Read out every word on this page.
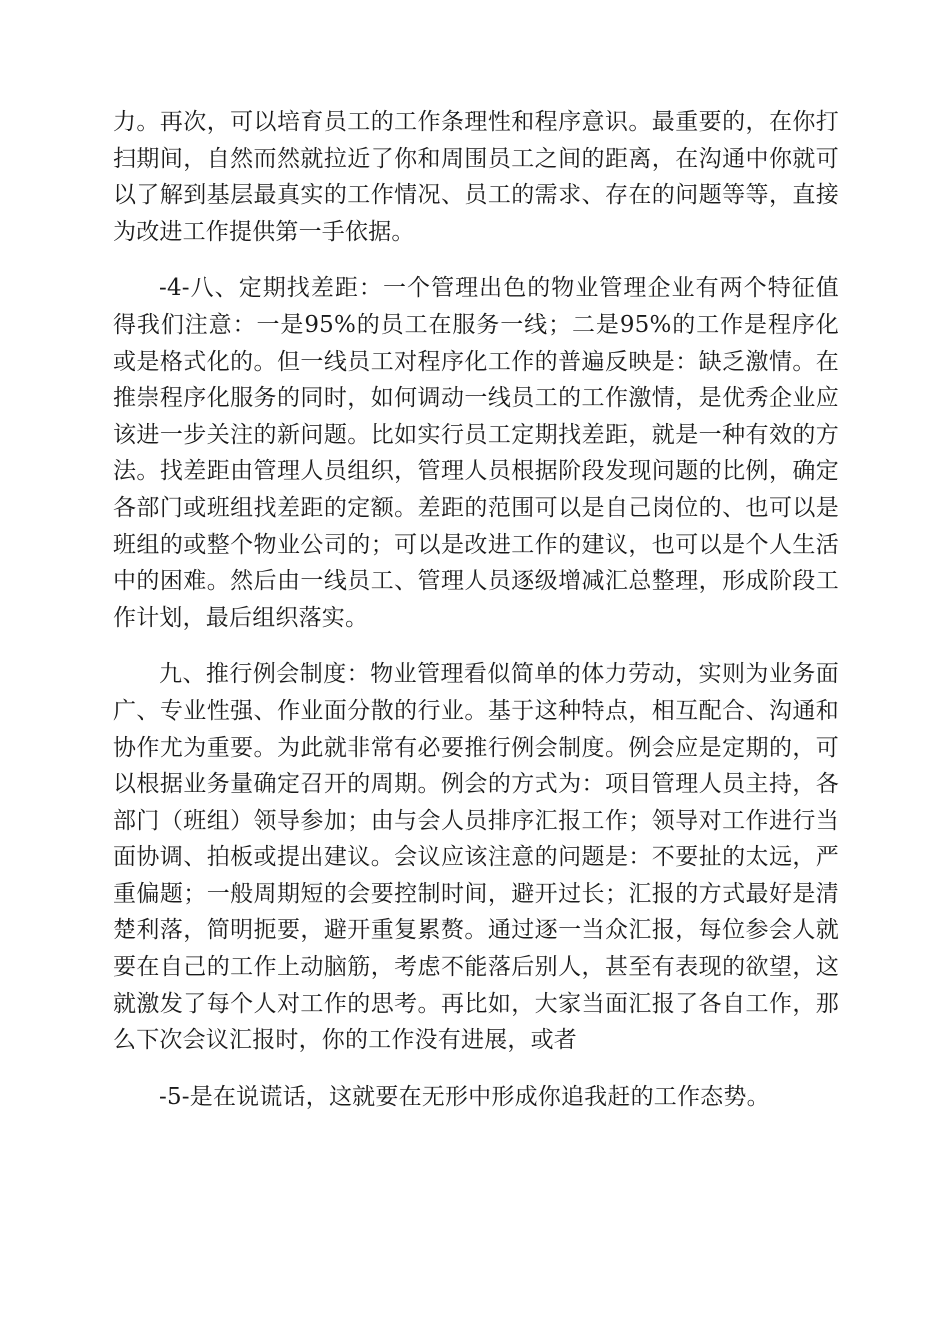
力。再次，可以培育员工的工作条理性和程序意识。最重要的，在你打扫期间，自然而然就拉近了你和周围员工之间的距离，在沟通中你就可以了解到基层最真实的工作情况、员工的需求、存在的问题等等，直接为改进工作提供第一手依据。

-4-八、定期找差距：一个管理出色的物业管理企业有两个特征值得我们注意：一是95%的员工在服务一线；二是95%的工作是程序化或是格式化的。但一线员工对程序化工作的普遍反映是：缺乏激情。在推崇程序化服务的同时，如何调动一线员工的工作激情，是优秀企业应该进一步关注的新问题。比如实行员工定期找差距，就是一种有效的方法。找差距由管理人员组织，管理人员根据阶段发现问题的比例，确定各部门或班组找差距的定额。差距的范围可以是自己岗位的、也可以是班组的或整个物业公司的；可以是改进工作的建议，也可以是个人生活中的困难。然后由一线员工、管理人员逐级增减汇总整理，形成阶段工作计划，最后组织落实。

九、推行例会制度：物业管理看似简单的体力劳动，实则为业务面广、专业性强、作业面分散的行业。基于这种特点，相互配合、沟通和协作尤为重要。为此就非常有必要推行例会制度。例会应是定期的，可以根据业务量确定召开的周期。例会的方式为：项目管理人员主持，各部门（班组）领导参加；由与会人员排序汇报工作；领导对工作进行当面协调、拍板或提出建议。会议应该注意的问题是：不要扯的太远，严重偏题；一般周期短的会要控制时间，避开过长；汇报的方式最好是清楚利落，简明扼要，避开重复累赘。通过逐一当众汇报，每位参会人就要在自己的工作上动脑筋，考虑不能落后别人，甚至有表现的欲望，这就激发了每个人对工作的思考。再比如，大家当面汇报了各自工作，那么下次会议汇报时，你的工作没有进展，或者

-5-是在说谎话，这就要在无形中形成你追我赶的工作态势。
